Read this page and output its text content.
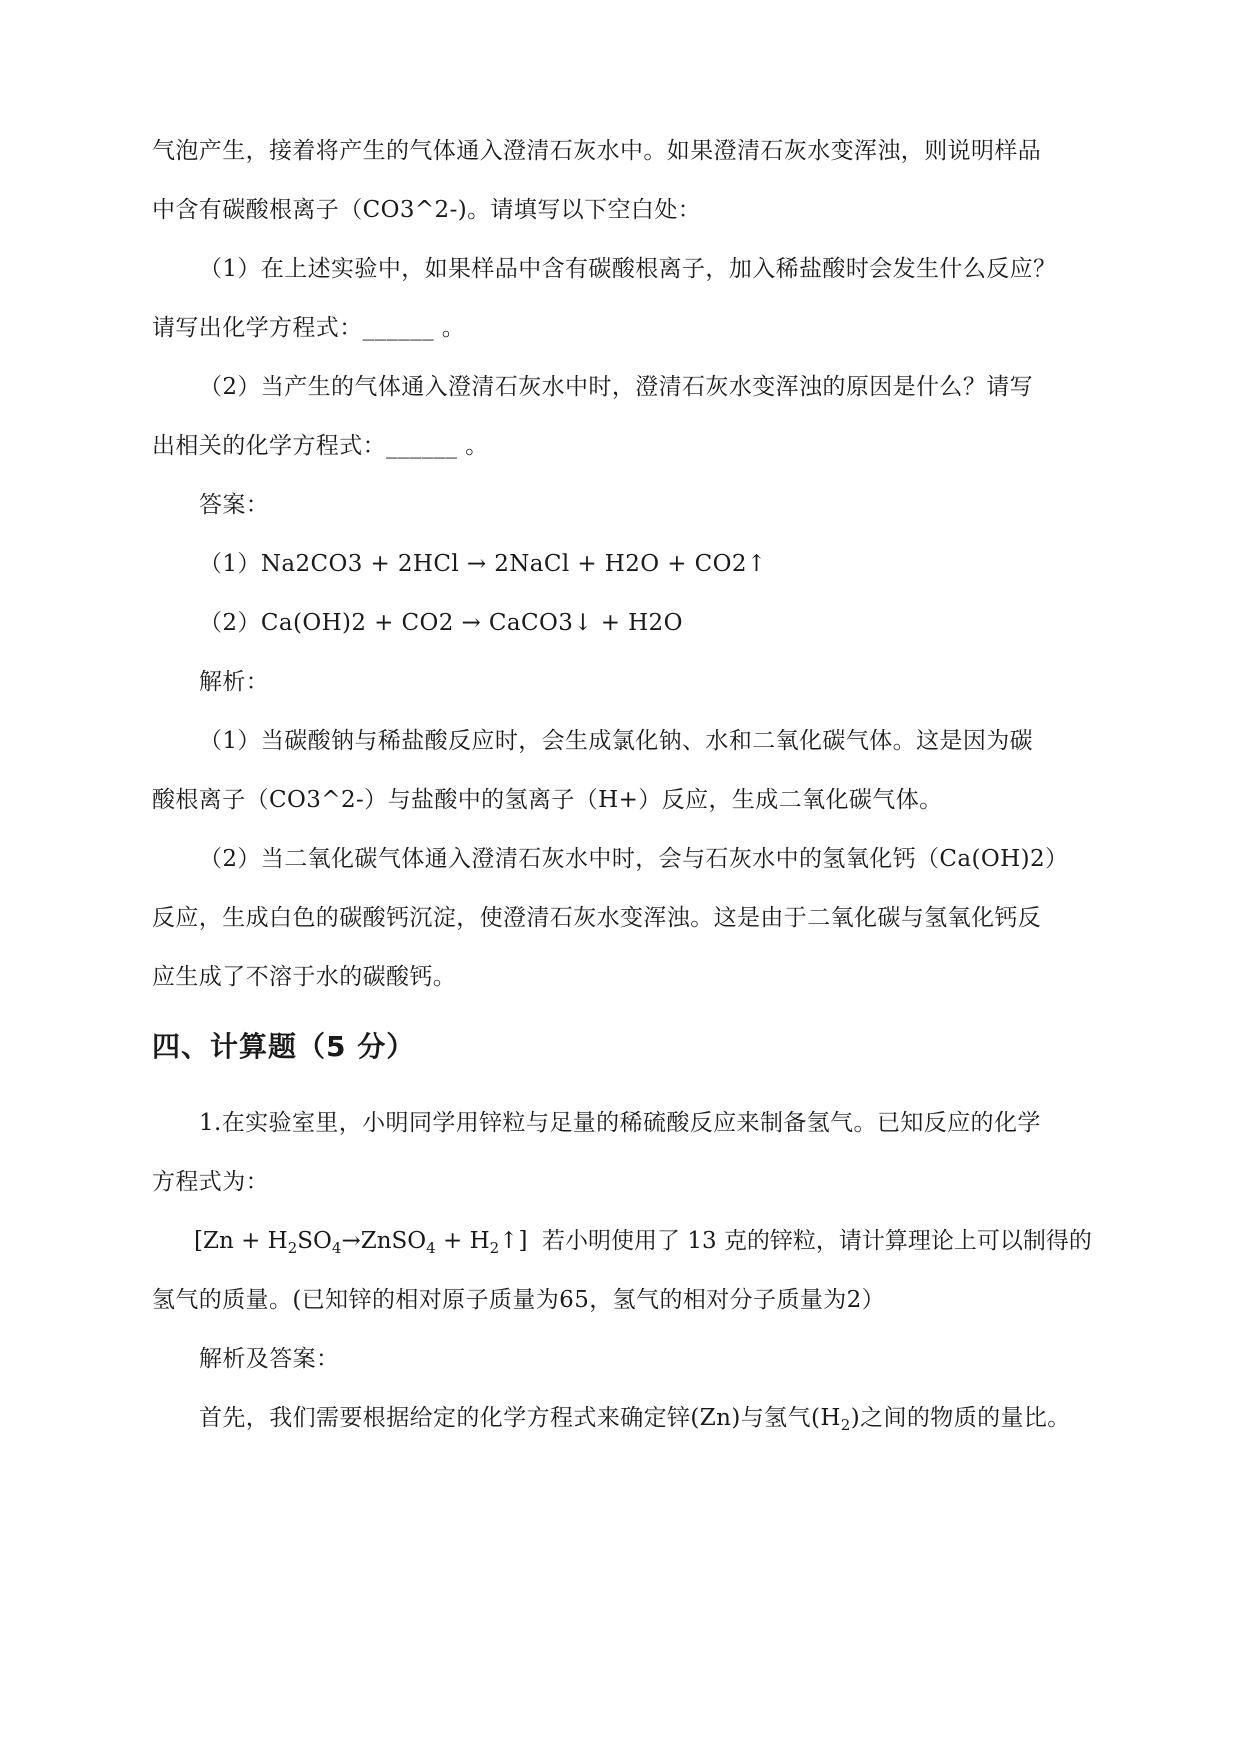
气泡产生，接着将产生的气体通入澄清石灰水中。如果澄清石灰水变浑浊，则说明样品
中含有碳酸根离子（CO3^2-)。请填写以下空白处：
（1）在上述实验中，如果样品中含有碳酸根离子，加入稀盐酸时会发生什么反应？
请写出化学方程式：______ 。
（2）当产生的气体通入澄清石灰水中时，澄清石灰水变浑浊的原因是什么？请写
出相关的化学方程式：______ 。
答案：
（1）Na2CO3 + 2HCl → 2NaCl + H2O + CO2↑
（2）Ca(OH)2 + CO2 → CaCO3↓ + H2O
解析：
（1）当碳酸钠与稀盐酸反应时，会生成氯化钠、水和二氧化碳气体。这是因为碳
酸根离子（CO3^2-）与盐酸中的氢离子（H+）反应，生成二氧化碳气体。
（2）当二氧化碳气体通入澄清石灰水中时，会与石灰水中的氢氧化钙（Ca(OH)2）
反应，生成白色的碳酸钙沉淀，使澄清石灰水变浑浊。这是由于二氧化碳与氢氧化钙反
应生成了不溶于水的碳酸钙。
四、计算题（5 分）
1.在实验室里，小明同学用锌粒与足量的稀硫酸反应来制备氢气。已知反应的化学
方程式为：
[$Zn + H_2SO_4\to ZnSO_4$ + $H_2↑$] 若小明使用了 13 克的锌粒，请计算理论上可以制得的
氢气的质量。(已知锌的相对原子质量为65，氢气的相对分子质量为2）
解析及答案：
首先，我们需要根据给定的化学方程式来确定锌(Zn)与氢气$(H_2)$之间的物质的量比。
